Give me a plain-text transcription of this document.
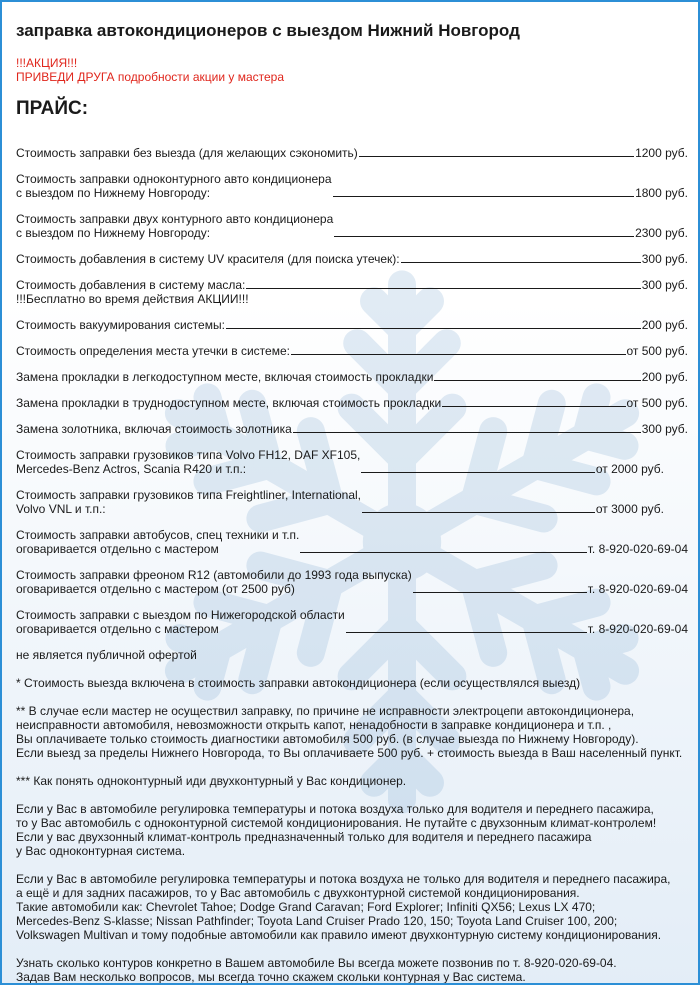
заправка автокондиционеров с выездом Нижний Новгород
!!!АКЦИЯ!!!
ПРИВЕДИ ДРУГА подробности акции у мастера
ПРАЙС:
Стоимость заправки без выезда (для желающих сэкономить)	1200 руб.
Стоимость заправки одноконтурного авто кондиционера
с выездом по Нижнему Новгороду:	1800 руб.
Стоимость заправки двух контурного авто кондиционера
с выездом по Нижнему Новгороду:	2300 руб.
Стоимость добавления в систему UV красителя (для поиска утечек):	300 руб.
Стоимость добавления в систему масла:	300 руб.
!!!Бесплатно во время действия АКЦИИ!!!
Стоимость вакуумирования системы:	200 руб.
Стоимость определения места утечки в системе:	от 500 руб.
Замена прокладки в легкодоступном месте, включая стоимость прокладки	200 руб.
Замена прокладки в труднодоступном месте, включая стоимость прокладки	от 500 руб.
Замена золотника, включая стоимость золотника	300 руб.
Стоимость заправки грузовиков типа Volvo FH12, DAF XF105,
Mercedes-Benz Actros, Scania R420 и т.п.:	от 2000 руб.
Стоимость заправки грузовиков типа Freightliner, International,
Volvo VNL и т.п.:	от 3000 руб.
Стоимость заправки автобусов, спец техники и т.п.
оговаривается отдельно с мастером	т. 8-920-020-69-04
Стоимость заправки фреоном R12 (автомобили до 1993 года выпуска)
оговаривается отдельно с мастером (от 2500 руб)	т. 8-920-020-69-04
Стоимость заправки с выездом по Нижегородской области
оговаривается отдельно с мастером	т. 8-920-020-69-04
не является публичной офертой
* Стоимость выезда включена в стоимость заправки автокондиционера (если осуществлялся выезд)
** В случае если мастер не осуществил заправку, по причине не исправности электроцепи автокондиционера,
неисправности автомобиля, невозможности открыть капот, ненадобности в заправке кондиционера и т.п. ,
Вы оплачиваете только стоимость диагностики автомобиля 500 руб. (в случае выезда по Нижнему Новгороду).
Если выезд за пределы Нижнего Новгорода, то Вы оплачиваете 500 руб. + стоимость выезда в Ваш населенный пункт.
*** Как понять одноконтурный иди двухконтурный у Вас кондиционер.
Если у Вас в автомобиле регулировка температуры и потока воздуха только для водителя и переднего пасажира,
то у Вас автомобиль с одноконтурной системой кондиционирования. Не путайте с двухзонным климат-контролем!
Если у вас двухзонный климат-контроль предназначенный только для водителя и переднего пасажира
у Вас одноконтурная система.
Если у Вас в автомобиле регулировка температуры и потока воздуха не только для водителя и переднего пасажира,
а ещё и для задних пасажиров, то у Вас автомобиль с двухконтурной системой кондиционирования.
Такие автомобили как: Chevrolet Tahoe; Dodge Grand Caravan; Ford Explorer; Infiniti QX56; Lexus LX 470;
Mercedes-Benz S-klasse; Nissan Pathfinder; Toyota Land Cruiser Prado 120, 150; Toyota Land Cruiser 100, 200;
Volkswagen Multivan и тому подобные автомобили как правило имеют двухконтурную систему кондиционирования.
Узнать сколько контуров конкретно в Вашем автомобиле Вы всегда можете позвонив по т. 8-920-020-69-04.
Задав Вам несколько вопросов, мы всегда точно скажем скольки контурная у Вас система.
